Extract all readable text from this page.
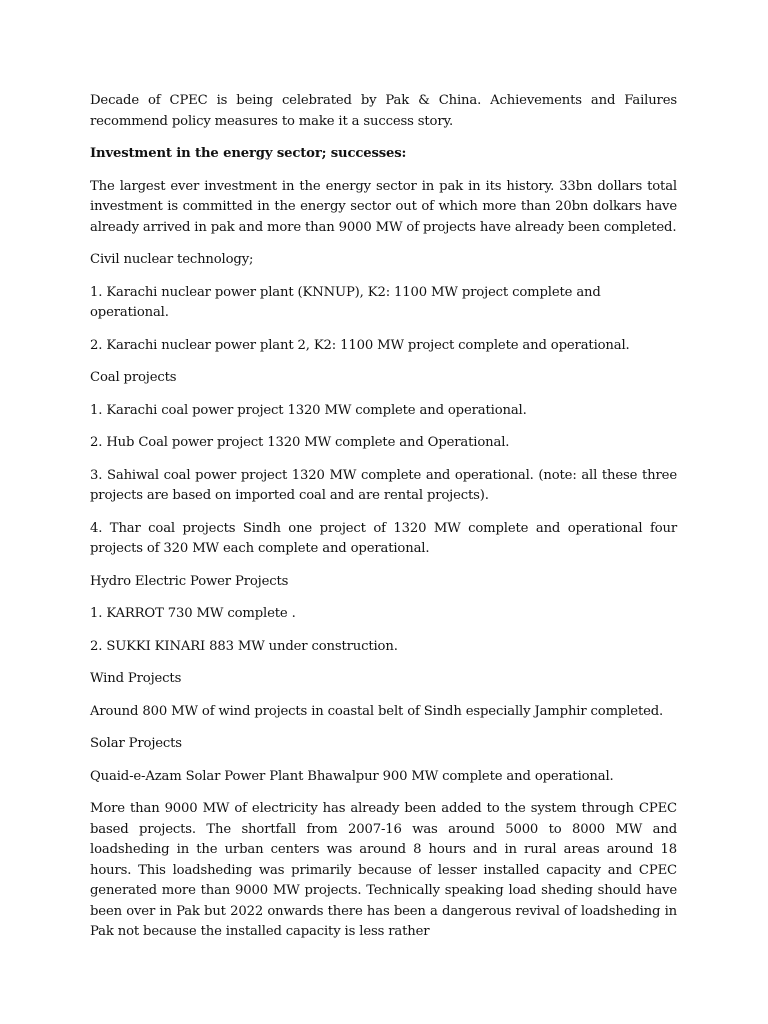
Decade of CPEC is being celebrated by Pak & China. Achievements and Failures recommend policy measures to make it a success story.

Investment in the energy sector; successes:

The largest ever investment in the energy sector in pak in its history. 33bn dollars total investment is committed in the energy sector out of which more than 20bn dolkars have already arrived in pak and more than 9000 MW of projects have already been completed.

Civil nuclear technology;

1. Karachi nuclear power plant (KNNUP), K2: 1100 MW project complete and operational.

2. Karachi nuclear power plant 2, K2: 1100 MW project complete and operational.

Coal projects

1. Karachi coal power project 1320 MW complete and operational.

2. Hub Coal power project 1320 MW complete and Operational.

3. Sahiwal coal power project 1320 MW complete and operational. (note: all these three projects are based on imported coal and are rental projects).

4. Thar coal projects Sindh one project of 1320 MW complete and operational four projects of 320 MW each complete and operational.

Hydro Electric Power Projects

1. KARROT 730 MW complete .

2. SUKKI KINARI 883 MW under construction.

Wind Projects

Around 800 MW of wind projects in coastal belt of Sindh especially Jamphir completed.

Solar Projects

Quaid-e-Azam Solar Power Plant Bhawalpur 900 MW complete and operational.

More than 9000 MW of electricity has already been added to the system through CPEC based projects. The shortfall from 2007-16 was around 5000 to 8000 MW and loadsheding in the urban centers was around 8 hours and in rural areas around 18 hours. This loadsheding was primarily because of lesser installed capacity and CPEC generated more than 9000 MW projects. Technically speaking load sheding should have been over in Pak but 2022 onwards there has been a dangerous revival of loadsheding in Pak not because the installed capacity is less rather
